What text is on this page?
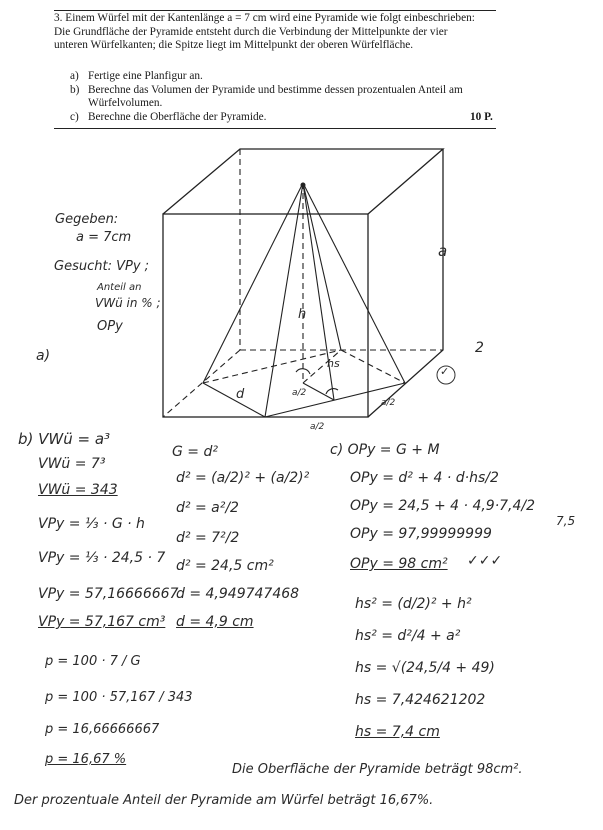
3. Einem Würfel mit der Kantenlänge a = 7 cm wird eine Pyramide wie folgt einbeschrieben:
Die Grundfläche der Pyramide entsteht durch die Verbindung der Mittelpunkte der vier
unteren Würfelkanten; die Spitze liegt im Mittelpunkt der oberen Würfelfläche.
a) Fertige eine Planfigur an.
b) Berechne das Volumen der Pyramide und bestimme dessen prozentualen Anteil am
Würfelvolumen.
c) Berechne die Oberfläche der Pyramide.	10 P.
Gegeben:
a = 7cm
Gesucht: VPy ;
Anteil an
VWü in % ;
OPy
a)
a
h
hs
d	a/2
a/2
a/2
2
✓
b) VWü = a³
VWü = 7³
VWü = 343
VPy = ⅓ · G · h
VPy = ⅓ · 24,5 · 7
VPy = 57,16666667
VPy = 57,167 cm³
p = 100 · 7 / G
p = 100 · 57,167 / 343
p = 16,66666667
p = 16,67 %
G = d²
d² = (a/2)² + (a/2)²
d² = a²/2
d² = 7²/2
d² = 24,5 cm²
d = 4,949747468
d = 4,9 cm
c) OPy = G + M
OPy = d² + 4 · d·hs/2
OPy = 24,5 + 4 · 4,9·7,4/2
OPy = 97,99999999
OPy = 98 cm² ✓✓✓
7,5
hs² = (d/2)² + h²
hs² = d²/4 + a²
hs = √(24,5/4 + 49)
hs = 7,424621202
hs = 7,4 cm
Die Oberfläche der Pyramide beträgt 98cm².
Der prozentuale Anteil der Pyramide am Würfel beträgt 16,67%.
